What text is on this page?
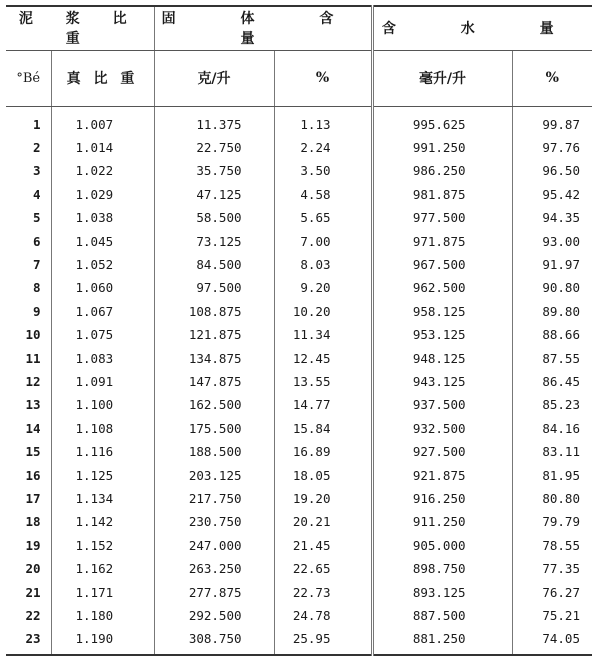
泥 浆 比 重		固 体 含 量		含 水 量	
°Bé	真 比 重	克/升	%	毫升/升	%
1	1.007	11.375	1.13	995.625	99.87
2	1.014	22.750	2.24	991.250	97.76
3	1.022	35.750	3.50	986.250	96.50
4	1.029	47.125	4.58	981.875	95.42
5	1.038	58.500	5.65	977.500	94.35
6	1.045	73.125	7.00	971.875	93.00
7	1.052	84.500	8.03	967.500	91.97
8	1.060	97.500	9.20	962.500	90.80
9	1.067	108.875	10.20	958.125	89.80
10	1.075	121.875	11.34	953.125	88.66
11	1.083	134.875	12.45	948.125	87.55
12	1.091	147.875	13.55	943.125	86.45
13	1.100	162.500	14.77	937.500	85.23
14	1.108	175.500	15.84	932.500	84.16
15	1.116	188.500	16.89	927.500	83.11
16	1.125	203.125	18.05	921.875	81.95
17	1.134	217.750	19.20	916.250	80.80
18	1.142	230.750	20.21	911.250	79.79
19	1.152	247.000	21.45	905.000	78.55
20	1.162	263.250	22.65	898.750	77.35
21	1.171	277.875	22.73	893.125	76.27
22	1.180	292.500	24.78	887.500	75.21
23	1.190	308.750	25.95	881.250	74.05
